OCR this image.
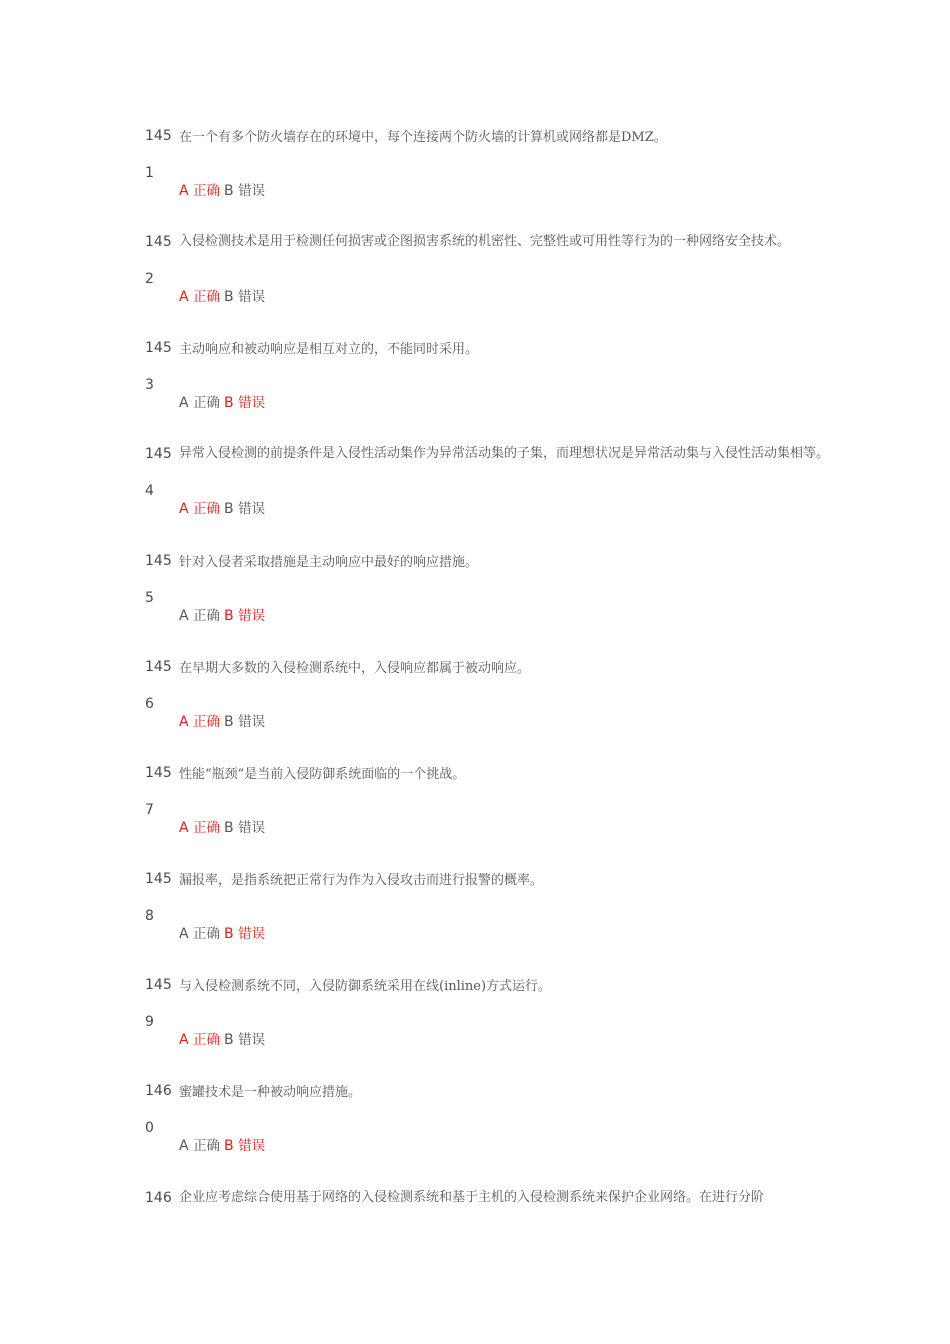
1451
在一个有多个防火墙存在的环境中，每个连接两个防火墙的计算机或网络都是DMZ。
A 正确 B 错误
1452
入侵检测技术是用于检测任何损害或企图损害系统的机密性、完整性或可用性等行为的一种网络安全技术。
A 正确 B 错误
1453
主动响应和被动响应是相互对立的，不能同时采用。
A 正确 B 错误
1454
异常入侵检测的前提条件是入侵性活动集作为异常活动集的子集，而理想状况是异常活动集与入侵性活动集相等。
A 正确 B 错误
1455
针对入侵者采取措施是主动响应中最好的响应措施。
A 正确 B 错误
1456
在早期大多数的入侵检测系统中，入侵响应都属于被动响应。
A 正确 B 错误
1457
性能“瓶颈”是当前入侵防御系统面临的一个挑战。
A 正确 B 错误
1458
漏报率，是指系统把正常行为作为入侵攻击而进行报警的概率。
A 正确 B 错误
1459
与入侵检测系统不同，入侵防御系统采用在线(inline)方式运行。
A 正确 B 错误
1460
蜜罐技术是一种被动响应措施。
A 正确 B 错误
146 企业应考虑综合使用基于网络的入侵检测系统和基于主机的入侵检测系统来保护企业网络。在进行分阶
